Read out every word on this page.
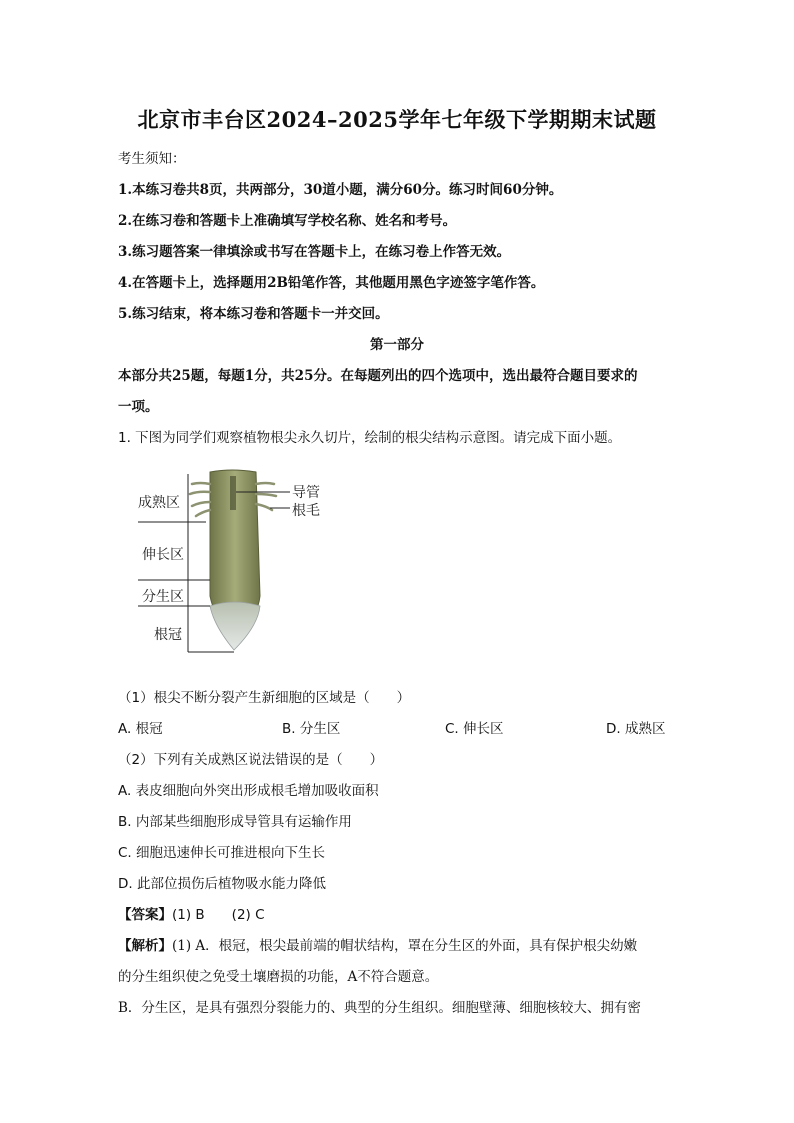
北京市丰台区2024–2025学年七年级下学期期末试题
考生须知：
1.本练习卷共8页，共两部分，30道小题，满分60分。练习时间60分钟。
2.在练习卷和答题卡上准确填写学校名称、姓名和考号。
3.练习题答案一律填涂或书写在答题卡上，在练习卷上作答无效。
4.在答题卡上，选择题用2B铅笔作答，其他题用黑色字迹签字笔作答。
5.练习结束，将本练习卷和答题卡一并交回。
第一部分
本部分共25题，每题1分，共25分。在每题列出的四个选项中，选出最符合题目要求的
一项。
1. 下图为同学们观察植物根尖永久切片，绘制的根尖结构示意图。请完成下面小题。
成熟区
伸长区
分生区
根冠
导管
根毛
（1）根尖不断分裂产生新细胞的区域是（　　）
A. 根冠	B. 分生区	C. 伸长区	D. 成熟区
（2）下列有关成熟区说法错误的是（　　）
A. 表皮细胞向外突出形成根毛增加吸收面积
B. 内部某些细胞形成导管具有运输作用
C. 细胞迅速伸长可推进根向下生长
D. 此部位损伤后植物吸水能力降低
【答案】(1) B　　(2) C
【解析】(1) A．根冠，根尖最前端的帽状结构，罩在分生区的外面，具有保护根尖幼嫩
的分生组织使之免受土壤磨损的功能，A不符合题意。
B．分生区，是具有强烈分裂能力的、典型的分生组织。细胞壁薄、细胞核较大、拥有密
